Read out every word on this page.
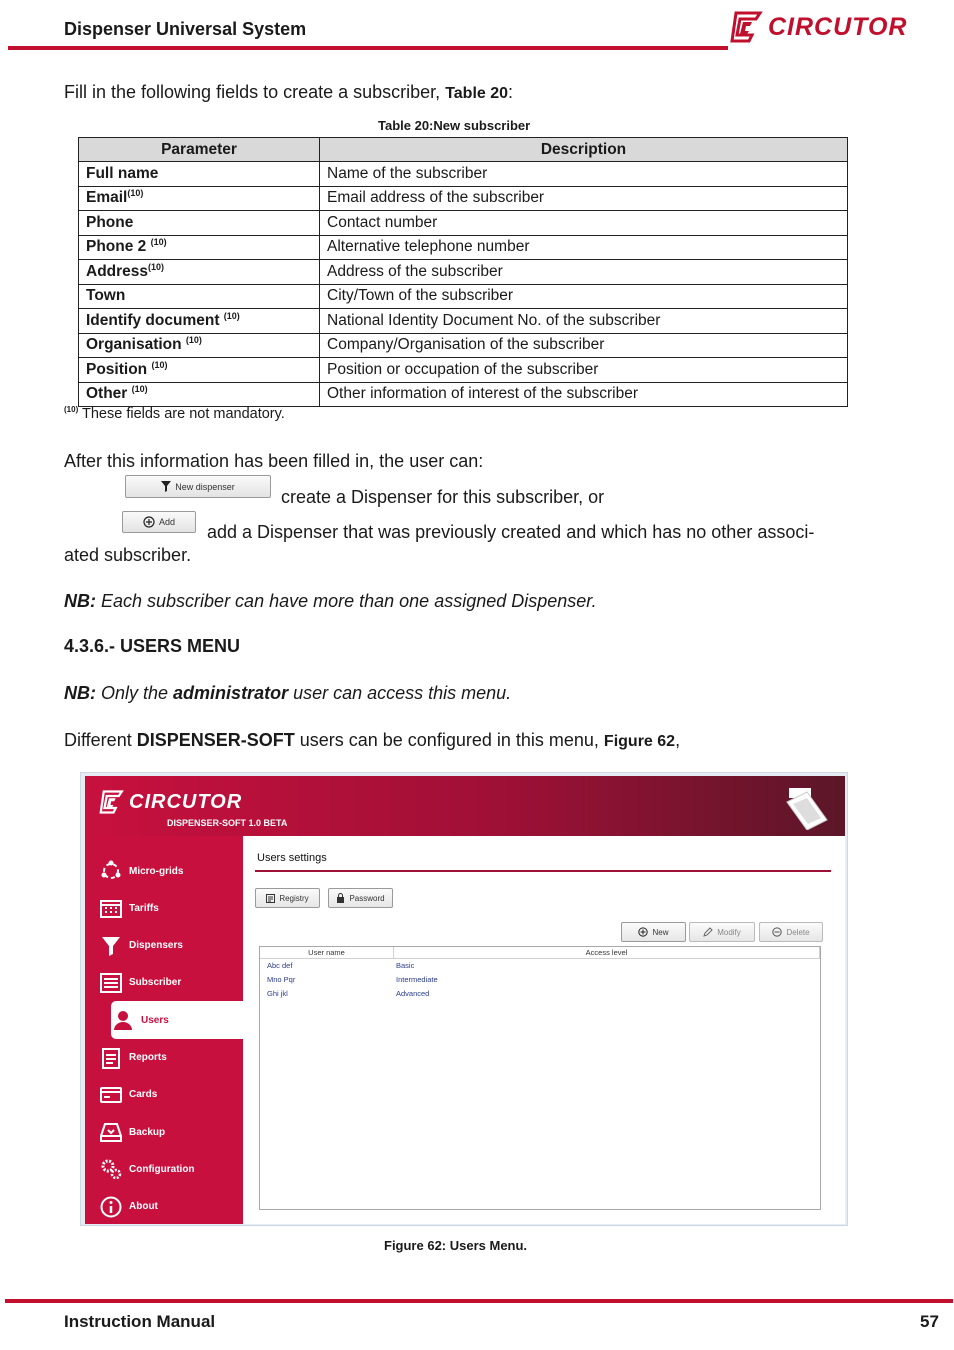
Dispenser Universal System	CIRCUTOR
Fill in the following fields to create a subscriber, Table 20:
Table 20:New subscriber
Parameter	Description
Full name	Name of the subscriber
Email$^{(10)}$	Email address of the subscriber
Phone	Contact number
Phone 2 $^{(10)}$	Alternative telephone number
Address$^{(10)}$	Address of the subscriber
Town	City/Town of the subscriber
Identify document $^{(10)}$	National Identity Document No. of the subscriber
Organisation $^{(10)}$	Company/Organisation of the subscriber
Position $^{(10)}$	Position or occupation of the subscriber
Other $^{(10)}$	Other information of interest of the subscriber
$^{(10)}$ These fields are not mandatory.
After this information has been filled in, the user can:
New dispenser
create a Dispenser for this subscriber, or
Add add a Dispenser that was previously created and which has no other associ-
ated subscriber.
NB: Each subscriber can have more than one assigned Dispenser.
4.3.6.- USERS MENU
NB: Only the administrator user can access this menu.
Different DISPENSER-SOFT users can be configured in this menu, Figure 62,
CIRCUTOR
DISPENSER-SOFT 1.0 BETA
Micro-grids
Tariffs
Dispensers
Subscriber
Users
Reports
Cards
Backup
Configuration
About
Users settings
Registry	Password
New	Modify	Delete
User name	Access level
Abc def	Basic
Mno Pqr	Intermediate
Ghi jkl	Advanced
Figure 62: Users Menu.
Instruction Manual	57
